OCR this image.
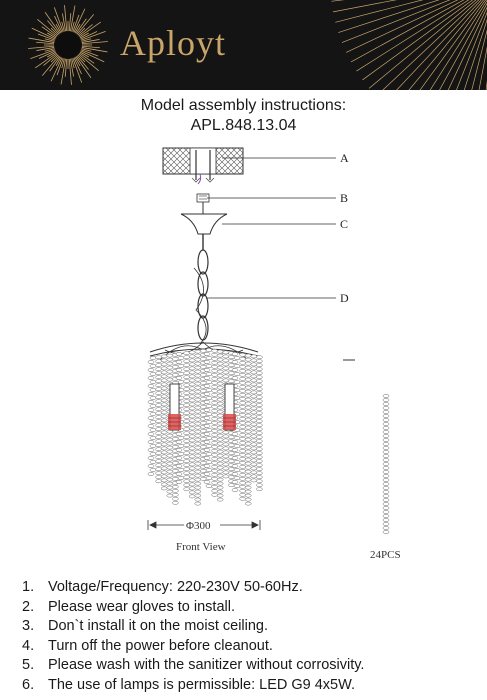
Aployt
Model assembly instructions:
APL.848.13.04
A
B
C
D
Φ300
Front View
24PCS
1. Voltage/Frequency: 220-230V 50-60Hz.
2. Please wear gloves to install.
3. Don`t install it on the moist ceiling.
4. Turn off the power before cleanout.
5. Please wash with the sanitizer without corrosivity.
6. The use of lamps is permissible: LED G9 4x5W.
